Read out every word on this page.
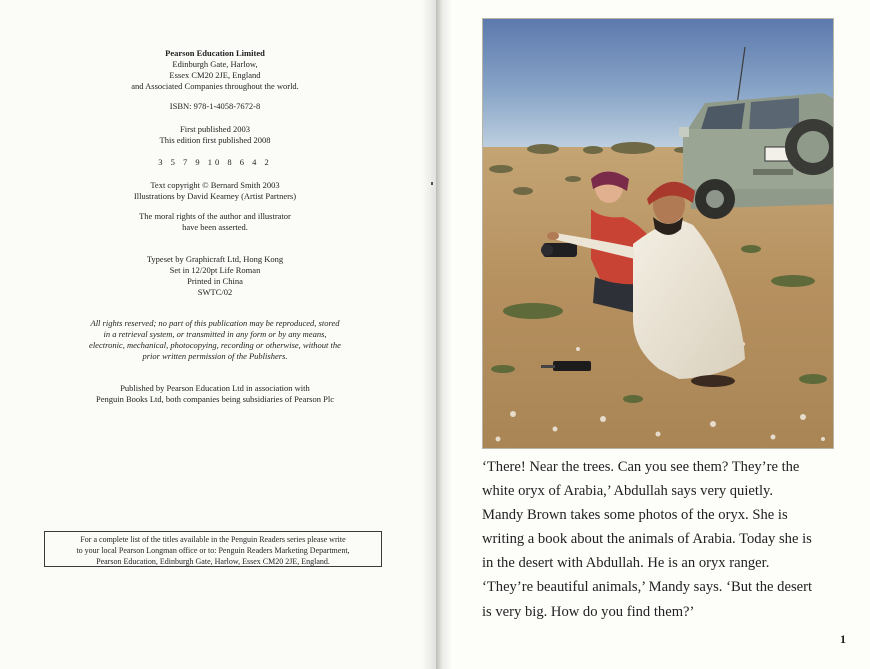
Pearson Education Limited
Edinburgh Gate, Harlow,
Essex CM20 2JE, England
and Associated Companies throughout the world.
ISBN: 978-1-4058-7672-8
First published 2003
This edition first published 2008
3 5 7 9 10 8 6 4 2
Text copyright © Bernard Smith 2003
Illustrations by David Kearney (Artist Partners)
The moral rights of the author and illustrator
have been asserted.
Typeset by Graphicraft Ltd, Hong Kong
Set in 12/20pt Life Roman
Printed in China
SWTC/02
All rights reserved; no part of this publication may be reproduced, stored
in a retrieval system, or transmitted in any form or by any means,
electronic, mechanical, photocopying, recording or otherwise, without the
prior written permission of the Publishers.
Published by Pearson Education Ltd in association with
Penguin Books Ltd, both companies being subsidiaries of Pearson Plc
For a complete list of the titles available in the Penguin Readers series please write
to your local Pearson Longman office or to: Penguin Readers Marketing Department,
Pearson Education, Edinburgh Gate, Harlow, Essex CM20 2JE, England.
‘There! Near the trees. Can you see them? They’re the
white oryx of Arabia,’ Abdullah says very quietly.
Mandy Brown takes some photos of the oryx. She is
writing a book about the animals of Arabia. Today she is
in the desert with Abdullah. He is an oryx ranger.
‘They’re beautiful animals,’ Mandy says. ‘But the desert
is very big. How do you find them?’
1
